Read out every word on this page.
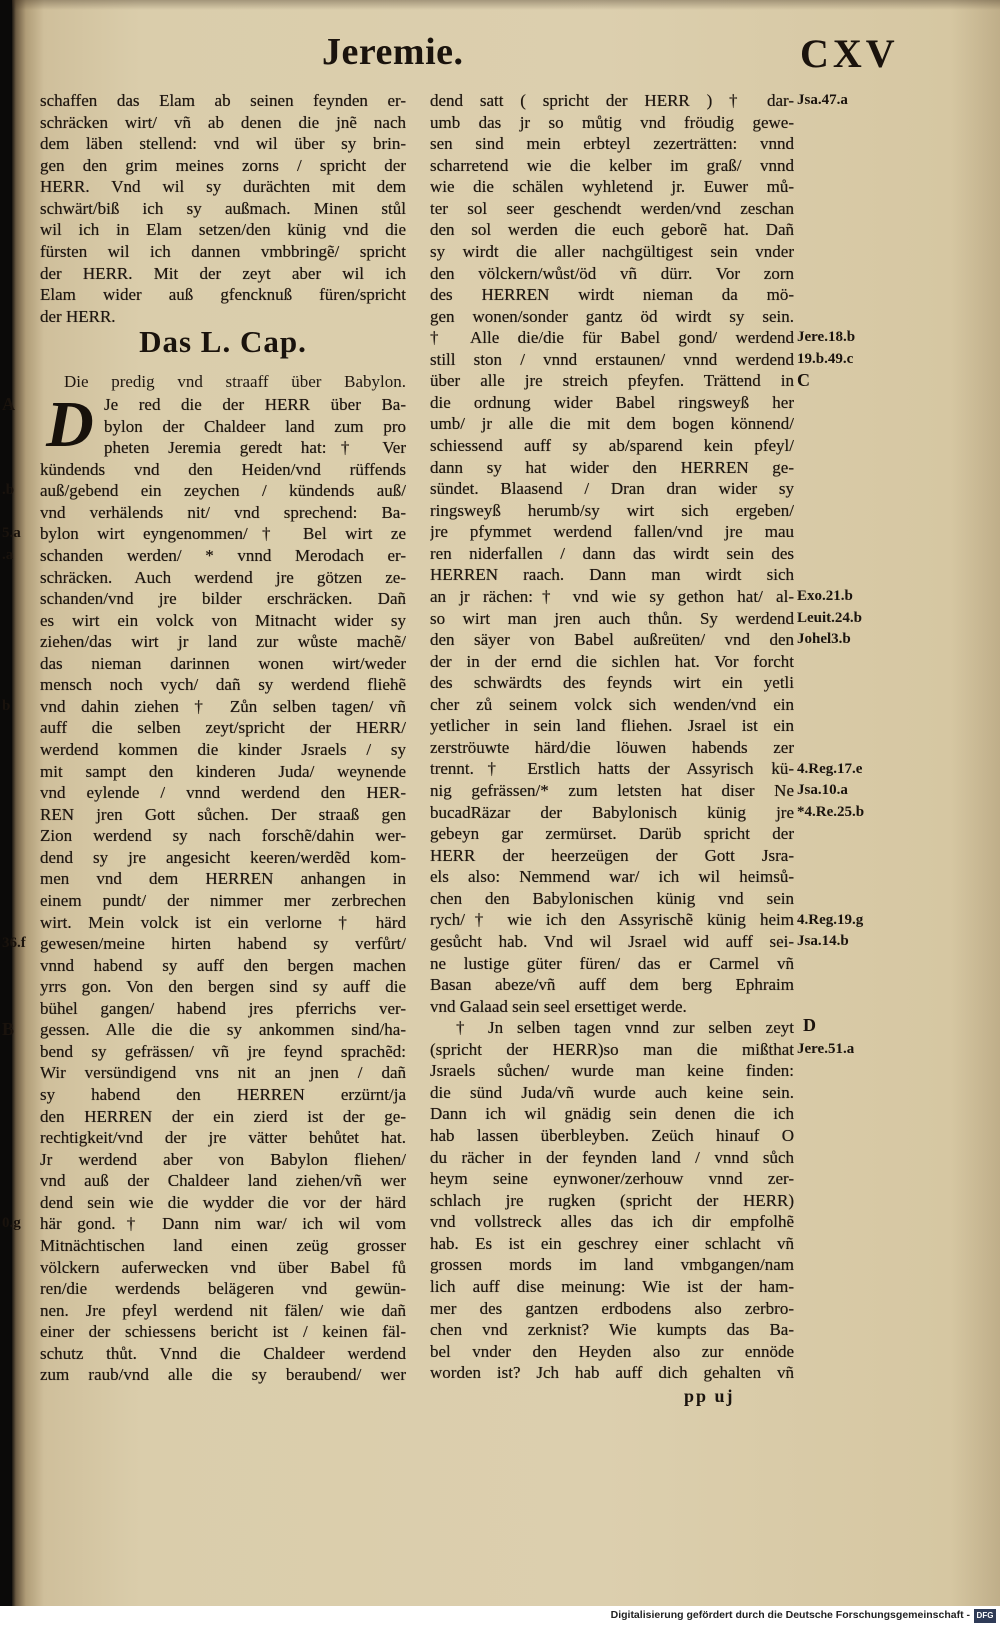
Jeremie.	CXV
schaffen das Elam ab seinen feynden er-
schräcken wirt/ vñ ab denen die jnẽ nach
dem läben stellend: vnd wil über sy brin-
gen den grim meines zorns / spricht der
HERR. Vnd wil sy durächten mit dem
schwärt/biß ich sy außmach. Minen stůl
wil ich in Elam setzen/den künig vnd die
fürsten wil ich dannen vmbbringẽ/ spricht
der HERR. Mit der zeyt aber wil ich
Elam wider auß gfencknuß füren/spricht
der HERR.
Das L. Cap.
Die predig vnd straaff über Babylon.
D Je red die der HERR über Ba-
bylon der Chaldeer land zum pro
pheten Jeremia geredt hat:† Ver
kündends vnd den Heiden/vnd rüffends
auß/gebend ein zeychen / kündends auß/
vnd verhälends nit/ vnd sprechend: Ba-
bylon wirt eyngenommen/† Bel wirt ze
schanden werden/ * vnnd Merodach er-
schräcken. Auch werdend jre götzen ze-
schanden/vnd jre bilder erschräcken. Dañ
es wirt ein volck von Mitnacht wider sy
ziehen/das wirt jr land zur wůste machẽ/
das nieman darinnen wonen wirt/weder
mensch noch vych/ dañ sy werdend fliehẽ
vnd dahin ziehen † Zůn selben tagen/ vñ
auff die selben zeyt/spricht der HERR/
werdend kommen die kinder Jsraels / sy
mit sampt den kinderen Juda/ weynende
vnd eylende / vnnd werdend den HER-
REN jren Gott sůchen. Der straaß gen
Zion werdend sy nach forschẽ/dahin wer-
dend sy jre angesicht keeren/werdẽd kom-
men vnd dem HERREN anhangen in
einem pundt/ der nimmer mer zerbrechen
wirt. Mein volck ist ein verlorne † härd
gewesen/meine hirten habend sy verfůrt/
vnnd habend sy auff den bergen machen
yrrs gon. Von den bergen sind sy auff die
bühel gangen/ habend jres pferrichs ver-
gessen. Alle die die sy ankommen sind/ha-
bend sy gefrässen/ vñ jre feynd sprachẽd:
Wir versündigend vns nit an jnen / dañ
sy habend den HERREN erzürnt/ja
den HERREN der ein zierd ist der ge-
rechtigkeit/vnd der jre vätter behůtet hat.
Jr werdend aber von Babylon fliehen/
vnd auß der Chaldeer land ziehen/vñ wer
dend sein wie die wydder die vor der härd
här gond.† Dann nim war/ ich wil vom
Mitnächtischen land einen zeüg grosser
völckern auferwecken vnd über Babel fů
ren/die werdends belägeren vnd gewün-
nen. Jre pfeyl werdend nit fälen/ wie dañ
einer der schiessens bericht ist / keinen fäl-
schutz thůt. Vnnd die Chaldeer werdend
zum raub/vnd alle die sy beraubend/ wer
dend satt ( spricht der HERR ) † dar-
umb das jr so můtig vnd fröudig gewe-
sen sind mein erbteyl zezerträtten: vnnd
scharretend wie die kelber im graß/ vnnd
wie die schälen wyhletend jr. Euwer mů-
ter sol seer geschendt werden/vnd zeschan
den sol werden die euch geborẽ hat. Dañ
sy wirdt die aller nachgültigest sein vnder
den völckern/wůst/öd vñ dürr. Vor zorn
des HERREN wirdt nieman da mö-
gen wonen/sonder gantz öd wirdt sy sein.
† Alle die/die für Babel gond/ werdend
still ston / vnnd erstaunen/ vnnd werdend
über alle jre streich pfeyfen. Trättend in
die ordnung wider Babel ringsweyß her
umb/ jr alle die mit dem bogen könnend/
schiessend auff sy ab/sparend kein pfeyl/
dann sy hat wider den HERREN ge-
sündet. Blaasend / Dran dran wider sy
ringsweyß herumb/sy wirt sich ergeben/
jre pfymmet werdend fallen/vnd jre mau
ren niderfallen / dann das wirdt sein des
HERREN raach. Dann man wirdt sich
an jr rächen:† vnd wie sy gethon hat/ al-
so wirt man jren auch thůn. Sy werdend
den säyer von Babel außreüten/ vnd den
der in der ernd die sichlen hat. Vor forcht
des schwärdts des feynds wirt ein yetli
cher zů seinem volck sich wenden/vnd ein
yetlicher in sein land fliehen. Jsrael ist ein
zerströuwte härd/die löuwen habends zer
trennt.† Erstlich hatts der Assyrisch kü-
nig gefrässen/* zum letsten hat diser Ne
bucadRäzar der Babylonisch künig jre
gebeyn gar zermürset. Darüb spricht der
HERR der heerzeügen der Gott Jsra-
els also: Nemmend war/ ich wil heimsů-
chen den Babylonischen künig vnd sein
rych/† wie ich den Assyrischẽ künig heim
gesůcht hab. Vnd wil Jsrael wid auff sei-
ne lustige güter füren/ das er Carmel vñ
Basan abeze/vñ auff dem berg Ephraim
vnd Galaad sein seel ersettiget werde.
† Jn selben tagen vnnd zur selben zeyt
(spricht der HERR)so man die mißthat
Jsraels sůchen/ wurde man keine finden:
die sünd Juda/vñ wurde auch keine sein.
Dann ich wil gnädig sein denen die ich
hab lassen überbleyben. Zeüch hinauf O
du rächer in der feynden land / vnnd sůch
heym seine eynwoner/zerhouw vnnd zer-
schlach jre rugken (spricht der HERR)
vnd vollstreck alles das ich dir empfolhẽ
hab. Es ist ein geschrey einer schlacht vñ
grossen mords im land vmbgangen/nam
lich auff dise meinung: Wie ist der ham-
mer des gantzen erdbodens also zerbro-
chen vnd zerknist? Wie kumpts das Ba-
bel vnder den Heyden also zur ennöde
worden ist? Jch hab auff dich gehalten vñ
A
.b
5.a
.a
b
36.f
B
0.g
Jsa.47.a
Jere.18.b
19.b.49.c
C
Exo.21.b
Leuit.24.b
Johel3.b
4.Reg.17.e
Jsa.10.a
*4.Re.25.b
4.Reg.19.g
Jsa.14.b
D
Jere.51.a
pp uj
Digitalisierung gefördert durch die Deutsche Forschungsgemeinschaft - DFG
